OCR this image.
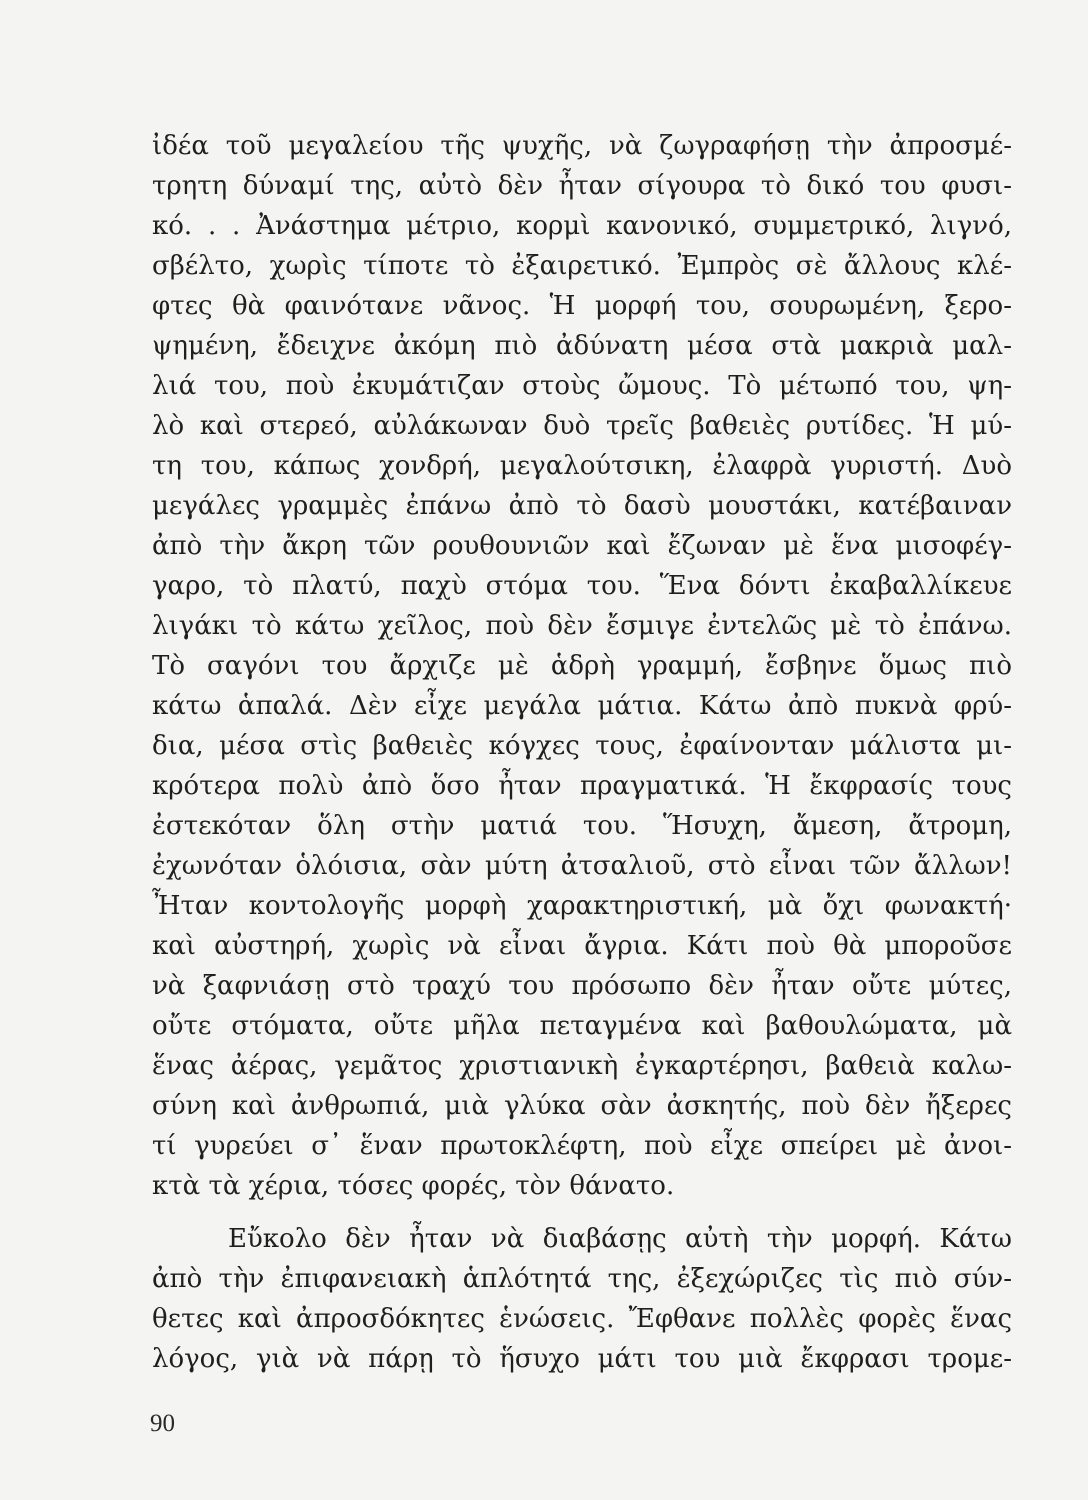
ἰδέα τοῦ μεγαλείου τῆς ψυχῆς, νὰ ζωγραφήσῃ τὴν ἀπροσμέ-
τρητη δύναμί της, αὐτὸ δὲν ἦταν σίγουρα τὸ δικό του φυσι-
κό. . . Ἀνάστημα μέτριο, κορμὶ κανονικό, συμμετρικό, λιγνό,
σβέλτο, χωρὶς τίποτε τὸ ἐξαιρετικό. Ἐμπρὸς σὲ ἄλλους κλέ-
φτες θὰ φαινότανε νᾶνος. Ἡ μορφή του, σουρωμένη, ξερο-
ψημένη, ἔδειχνε ἀκόμη πιὸ ἀδύνατη μέσα στὰ μακριὰ μαλ-
λιά του, ποὺ ἐκυμάτιζαν στοὺς ὤμους. Τὸ μέτωπό του, ψη-
λὸ καὶ στερεό, αὐλάκωναν δυὸ τρεῖς βαθειὲς ρυτίδες. Ἡ μύ-
τη του, κάπως χονδρή, μεγαλούτσικη, ἐλαφρὰ γυριστή. Δυὸ
μεγάλες γραμμὲς ἐπάνω ἀπὸ τὸ δασὺ μουστάκι, κατέβαιναν
ἀπὸ τὴν ἄκρη τῶν ρουθουνιῶν καὶ ἔζωναν μὲ ἕνα μισοφέγ-
γαρο, τὸ πλατύ, παχὺ στόμα του. Ἕνα δόντι ἐκαβαλλίκευε
λιγάκι τὸ κάτω χεῖλος, ποὺ δὲν ἔσμιγε ἐντελῶς μὲ τὸ ἐπάνω.
Τὸ σαγόνι του ἄρχιζε μὲ ἁδρὴ γραμμή, ἔσβηνε ὅμως πιὸ
κάτω ἁπαλά. Δὲν εἶχε μεγάλα μάτια. Κάτω ἀπὸ πυκνὰ φρύ-
δια, μέσα στὶς βαθειὲς κόγχες τους, ἐφαίνονταν μάλιστα μι-
κρότερα πολὺ ἀπὸ ὅσο ἦταν πραγματικά. Ἡ ἔκφρασίς τους
ἐστεκόταν ὅλη στὴν ματιά του. Ἥσυχη, ἄμεση, ἄτρομη,
ἐχωνόταν ὁλόισια, σὰν μύτη ἀτσαλιοῦ, στὸ εἶναι τῶν ἄλλων!
Ἦταν κοντολογῆς μορφὴ χαρακτηριστική, μὰ ὄχι φωνακτή·
καὶ αὐστηρή, χωρὶς νὰ εἶναι ἄγρια. Κάτι ποὺ θὰ μποροῦσε
νὰ ξαφνιάσῃ στὸ τραχύ του πρόσωπο δὲν ἦταν οὔτε μύτες,
οὔτε στόματα, οὔτε μῆλα πεταγμένα καὶ βαθουλώματα, μὰ
ἕνας ἀέρας, γεμᾶτος χριστιανικὴ ἐγκαρτέρησι, βαθειὰ καλω-
σύνη καὶ ἀνθρωπιά, μιὰ γλύκα σὰν ἀσκητής, ποὺ δὲν ἤξερες
τί γυρεύει σ᾽ ἕναν πρωτοκλέφτη, ποὺ εἶχε σπείρει μὲ ἀνοι-
κτὰ τὰ χέρια, τόσες φορές, τὸν θάνατο.
Εὔκολο δὲν ἦταν νὰ διαβάσῃς αὐτὴ τὴν μορφή. Κάτω
ἀπὸ τὴν ἐπιφανειακὴ ἁπλότητά της, ἐξεχώριζες τὶς πιὸ σύν-
θετες καὶ ἀπροσδόκητες ἑνώσεις. Ἔφθανε πολλὲς φορὲς ἕνας
λόγος, γιὰ νὰ πάρῃ τὸ ἥσυχο μάτι του μιὰ ἔκφρασι τρομε-
90
